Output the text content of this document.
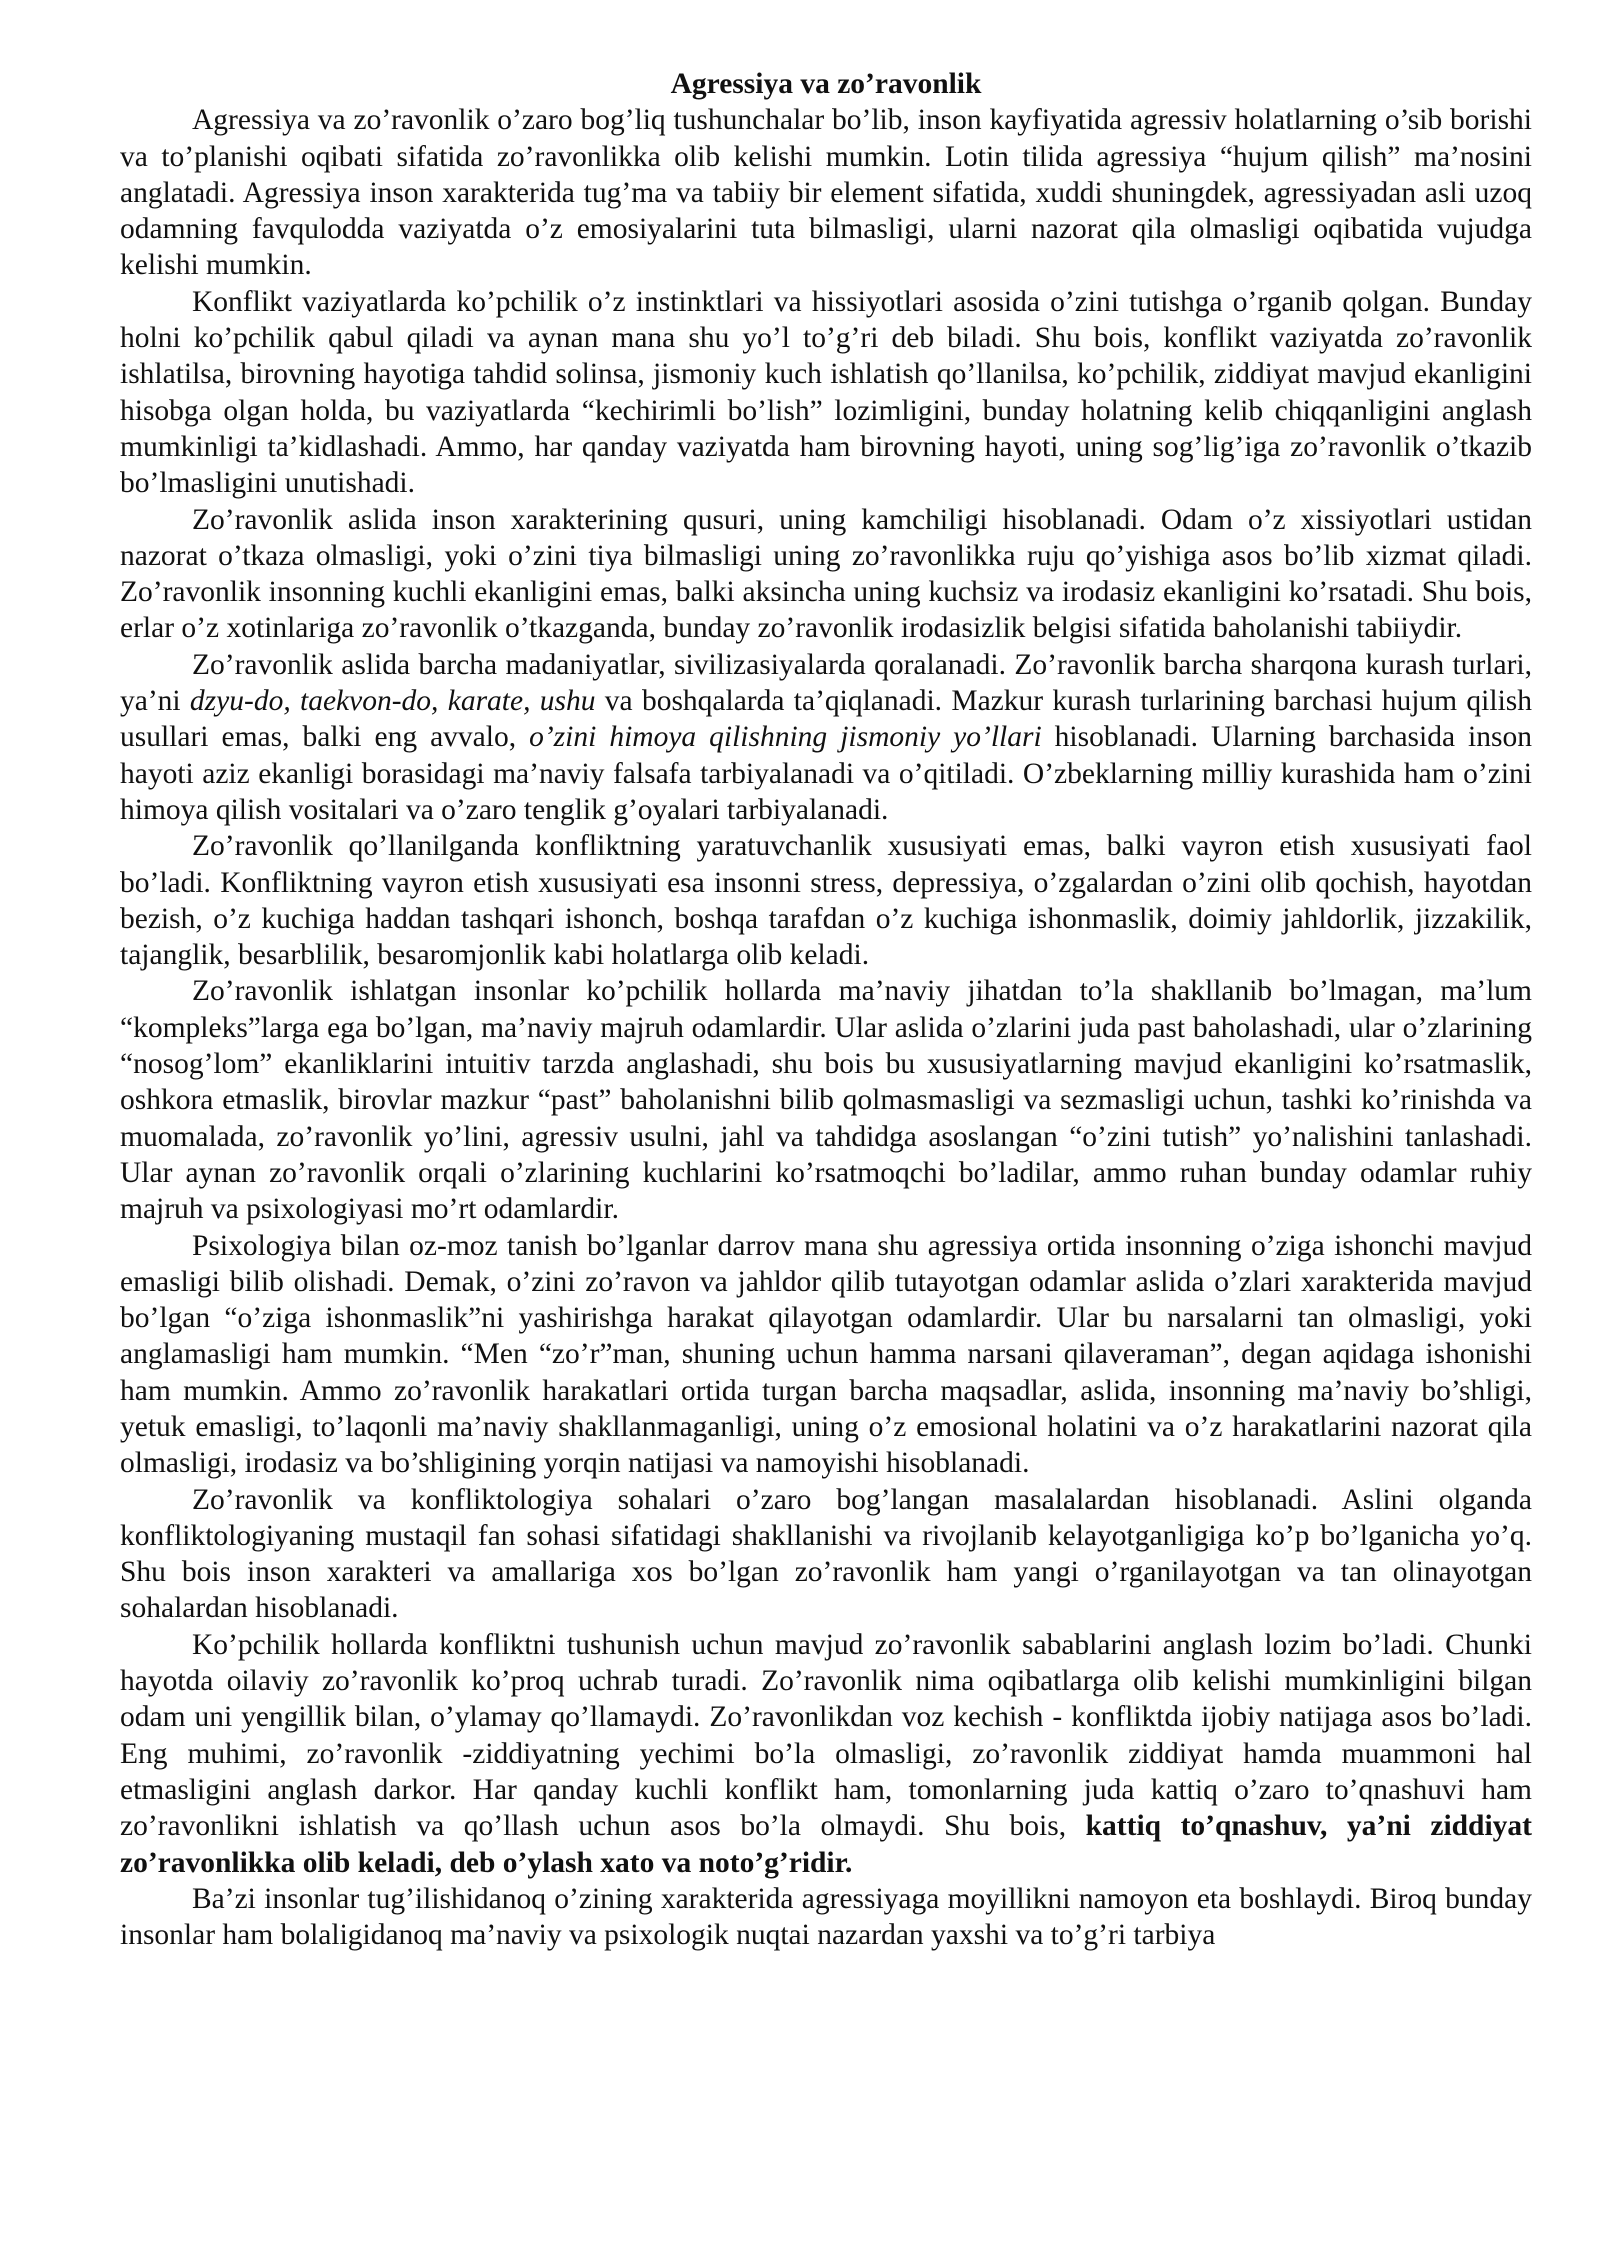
Agressiya va zo’ravonlik

Agressiya va zo’ravonlik o’zaro bog’liq tushunchalar bo’lib, inson kayfiyatida agressiv holatlarning o’sib borishi va to’planishi oqibati sifatida zo’ravonlikka olib kelishi mumkin. Lotin tilida agressiya “hujum qilish” ma’nosini anglatadi. Agressiya inson xarakterida tug’ma va tabiiy bir element sifatida, xuddi shuningdek, agressiyadan asli uzoq odamning favqulodda vaziyatda o’z emosiyalarini tuta bilmasligi, ularni nazorat qila olmasligi oqibatida vujudga kelishi mumkin.

Konflikt vaziyatlarda ko’pchilik o’z instinktlari va hissiyotlari asosida o’zini tutishga o’rganib qolgan. Bunday holni ko’pchilik qabul qiladi va aynan mana shu yo’l to’g’ri deb biladi. Shu bois, konflikt vaziyatda zo’ravonlik ishlatilsa, birovning hayotiga tahdid solinsa, jismoniy kuch ishlatish qo’llanilsa, ko’pchilik, ziddiyat mavjud ekanligini hisobga olgan holda, bu vaziyatlarda “kechirimli bo’lish” lozimligini, bunday holatning kelib chiqqanligini anglash mumkinligi ta’kidlashadi. Ammo, har qanday vaziyatda ham birovning hayoti, uning sog’lig’iga zo’ravonlik o’tkazib bo’lmasligini unutishadi.

Zo’ravonlik aslida inson xarakterining qusuri, uning kamchiligi hisoblanadi. Odam o’z xissiyotlari ustidan nazorat o’tkaza olmasligi, yoki o’zini tiya bilmasligi uning zo’ravonlikka ruju qo’yishiga asos bo’lib xizmat qiladi. Zo’ravonlik insonning kuchli ekanligini emas, balki aksincha uning kuchsiz va irodasiz ekanligini ko’rsatadi. Shu bois, erlar o’z xotinlariga zo’ravonlik o’tkazganda, bunday zo’ravonlik irodasizlik belgisi sifatida baholanishi tabiiydir.

Zo’ravonlik aslida barcha madaniyatlar, sivilizasiyalarda qoralanadi. Zo’ravonlik barcha sharqona kurash turlari, ya’ni dzyu-do, taekvon-do, karate, ushu va boshqalarda ta’qiqlanadi. Mazkur kurash turlarining barchasi hujum qilish usullari emas, balki eng avvalo, o’zini himoya qilishning jismoniy yo’llari hisoblanadi. Ularning barchasida inson hayoti aziz ekanligi borasidagi ma’naviy falsafa tarbiyalanadi va o’qitiladi. O’zbeklarning milliy kurashida ham o’zini himoya qilish vositalari va o’zaro tenglik g’oyalari tarbiyalanadi.

Zo’ravonlik qo’llanilganda konfliktning yaratuvchanlik xususiyati emas, balki vayron etish xususiyati faol bo’ladi. Konfliktning vayron etish xususiyati esa insonni stress, depressiya, o’zgalardan o’zini olib qochish, hayotdan bezish, o’z kuchiga haddan tashqari ishonch, boshqa tarafdan o’z kuchiga ishonmaslik, doimiy jahldorlik, jizzakilik, tajanglik, besarblilik, besaromjonlik kabi holatlarga olib keladi.

Zo’ravonlik ishlatgan insonlar ko’pchilik hollarda ma’naviy jihatdan to’la shakllanib bo’lmagan, ma’lum “kompleks”larga ega bo’lgan, ma’naviy majruh odamlardir. Ular aslida o’zlarini juda past baholashadi, ular o’zlarining “nosog’lom” ekanliklarini intuitiv tarzda anglashadi, shu bois bu xususiyatlarning mavjud ekanligini ko’rsatmaslik, oshkora etmaslik, birovlar mazkur “past” baholanishni bilib qolmasmasligi va sezmasligi uchun, tashki ko’rinishda va muomalada, zo’ravonlik yo’lini, agressiv usulni, jahl va tahdidga asoslangan “o’zini tutish” yo’nalishini tanlashadi. Ular aynan zo’ravonlik orqali o’zlarining kuchlarini ko’rsatmoqchi bo’ladilar, ammo ruhan bunday odamlar ruhiy majruh va psixologiyasi mo’rt odamlardir.

Psixologiya bilan oz-moz tanish bo’lganlar darrov mana shu agressiya ortida insonning o’ziga ishonchi mavjud emasligi bilib olishadi. Demak, o’zini zo’ravon va jahldor qilib tutayotgan odamlar aslida o’zlari xarakterida mavjud bo’lgan “o’ziga ishonmaslik”ni yashirishga harakat qilayotgan odamlardir. Ular bu narsalarni tan olmasligi, yoki anglamasligi ham mumkin. “Men “zo’r”man, shuning uchun hamma narsani qilaveraman”, degan aqidaga ishonishi ham mumkin. Ammo zo’ravonlik harakatlari ortida turgan barcha maqsadlar, aslida, insonning ma’naviy bo’shligi, yetuk emasligi, to’laqonli ma’naviy shakllanmaganligi, uning o’z emosional holatini va o’z harakatlarini nazorat qila olmasligi, irodasiz va bo’shligining yorqin natijasi va namoyishi hisoblanadi.

Zo’ravonlik va konfliktologiya sohalari o’zaro bog’langan masalalardan hisoblanadi. Aslini olganda konfliktologiyaning mustaqil fan sohasi sifatidagi shakllanishi va rivojlanib kelayotganligiga ko’p bo’lganicha yo’q. Shu bois inson xarakteri va amallariga xos bo’lgan zo’ravonlik ham yangi o’rganilayotgan va tan olinayotgan sohalardan hisoblanadi.

Ko’pchilik hollarda konfliktni tushunish uchun mavjud zo’ravonlik sabablarini anglash lozim bo’ladi. Chunki hayotda oilaviy zo’ravonlik ko’proq uchrab turadi. Zo’ravonlik nima oqibatlarga olib kelishi mumkinligini bilgan odam uni yengillik bilan, o’ylamay qo’llamaydi. Zo’ravonlikdan voz kechish - konfliktda ijobiy natijaga asos bo’ladi. Eng muhimi, zo’ravonlik -ziddiyatning yechimi bo’la olmasligi, zo’ravonlik ziddiyat hamda muammoni hal etmasligini anglash darkor. Har qanday kuchli konflikt ham, tomonlarning juda kattiq o’zaro to’qnashuvi ham zo’ravonlikni ishlatish va qo’llash uchun asos bo’la olmaydi. Shu bois, kattiq to’qnashuv, ya’ni ziddiyat zo’ravonlikka olib keladi, deb o’ylash xato va noto’g’ridir.

Ba’zi insonlar tug’ilishidanoq o’zining xarakterida agressiyaga moyillikni namoyon eta boshlaydi. Biroq bunday insonlar ham bolaligidanoq ma’naviy va psixologik nuqtai nazardan yaxshi va to’g’ri tarbiya
